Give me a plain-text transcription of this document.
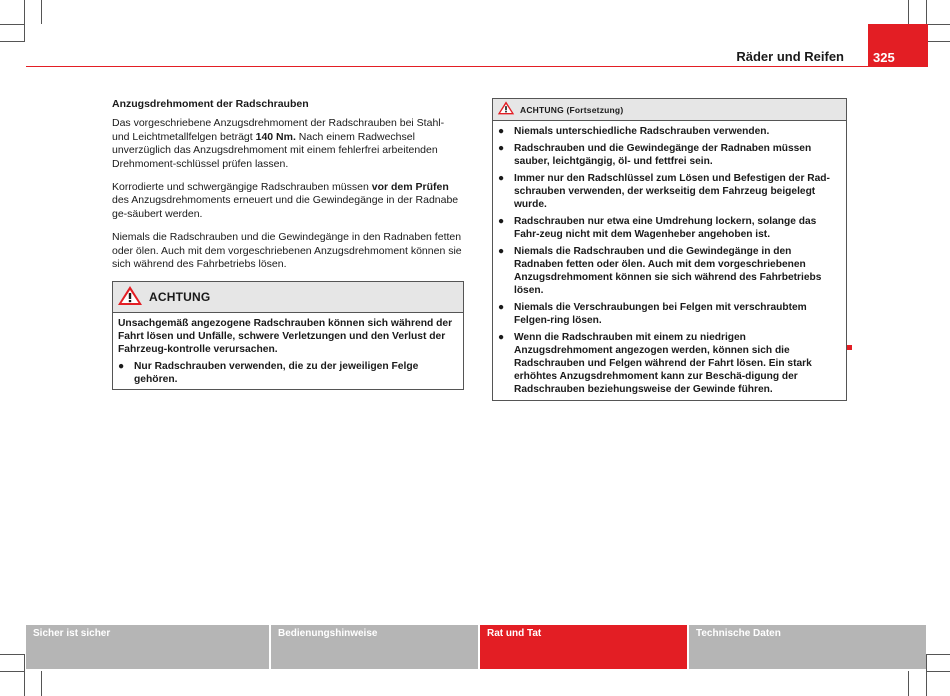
Räder und Reifen	325
Anzugsdrehmoment der Radschrauben

Das vorgeschriebene Anzugsdrehmoment der Radschrauben bei Stahl- und Leichtmetallfelgen beträgt 140 Nm. Nach einem Radwechsel unverzüglich das Anzugsdrehmoment mit einem fehlerfrei arbeitenden Drehmoment-schlüssel prüfen lassen.

Korrodierte und schwergängige Radschrauben müssen vor dem Prüfen des Anzugsdrehmoments erneuert und die Gewindegänge in der Radnabe ge-säubert werden.

Niemals die Radschrauben und die Gewindegänge in den Radnaben fetten oder ölen. Auch mit dem vorgeschriebenen Anzugsdrehmoment können sie sich während des Fahrbetriebs lösen.

ACHTUNG

Unsachgemäß angezogene Radschrauben können sich während der Fahrt lösen und Unfälle, schwere Verletzungen und den Verlust der Fahrzeug-kontrolle verursachen.

● Nur Radschrauben verwenden, die zu der jeweiligen Felge gehören.
ACHTUNG (Fortsetzung)
● Niemals unterschiedliche Radschrauben verwenden.
● Radschrauben und die Gewindegänge der Radnaben müssen sauber, leichtgängig, öl- und fettfrei sein.
● Immer nur den Radschlüssel zum Lösen und Befestigen der Rad-schrauben verwenden, der werkseitig dem Fahrzeug beigelegt wurde.
● Radschrauben nur etwa eine Umdrehung lockern, solange das Fahr-zeug nicht mit dem Wagenheber angehoben ist.
● Niemals die Radschrauben und die Gewindegänge in den Radnaben fetten oder ölen. Auch mit dem vorgeschriebenen Anzugsdrehmoment können sie sich während des Fahrbetriebs lösen.
● Niemals die Verschraubungen bei Felgen mit verschraubtem Felgen-ring lösen.
● Wenn die Radschrauben mit einem zu niedrigen Anzugsdrehmoment angezogen werden, können sich die Radschrauben und Felgen während der Fahrt lösen. Ein stark erhöhtes Anzugsdrehmoment kann zur Beschä-digung der Radschrauben beziehungsweise der Gewinde führen.
Sicher ist sicher	Bedienungshinweise	Rat und Tat	Technische Daten
